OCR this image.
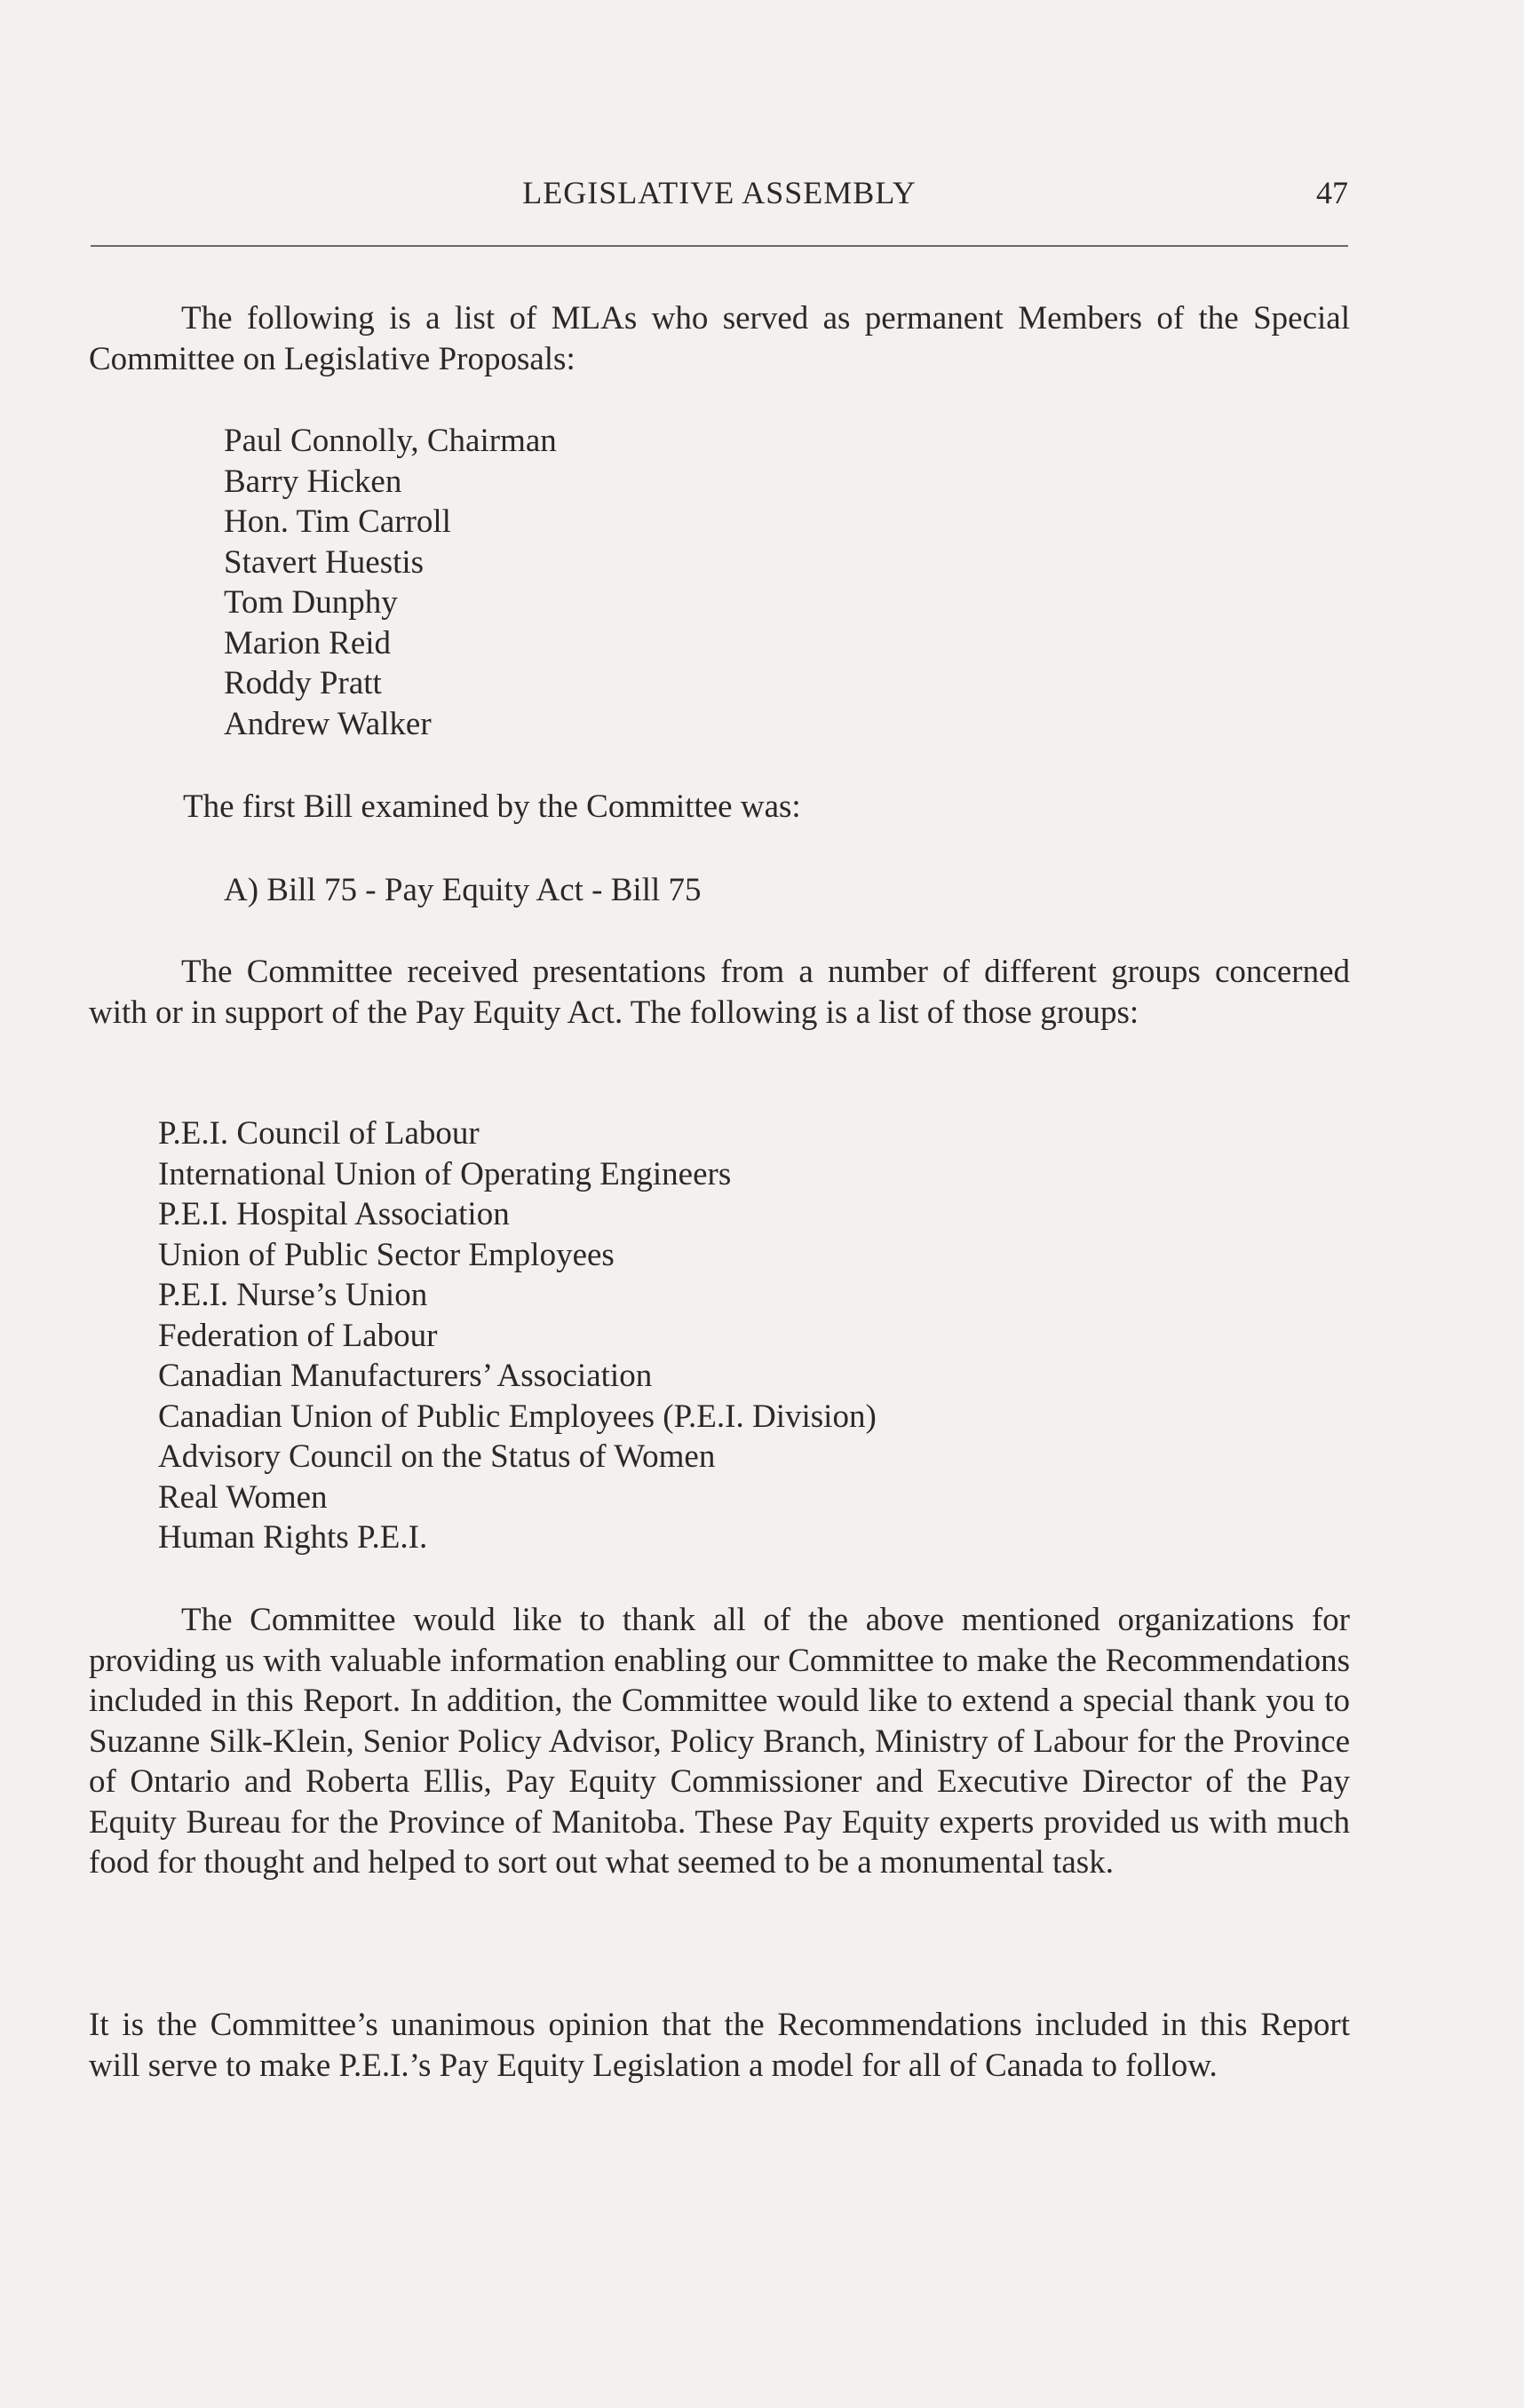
LEGISLATIVE ASSEMBLY	47
The following is a list of MLAs who served as permanent Members of the Special Committee on Legislative Proposals:
Paul Connolly, Chairman
Barry Hicken
Hon. Tim Carroll
Stavert Huestis
Tom Dunphy
Marion Reid
Roddy Pratt
Andrew Walker
The first Bill examined by the Committee was:
A) Bill 75 - Pay Equity Act - Bill 75
The Committee received presentations from a number of different groups concerned with or in support of the Pay Equity Act. The following is a list of those groups:
P.E.I. Council of Labour
International Union of Operating Engineers
P.E.I. Hospital Association
Union of Public Sector Employees
P.E.I. Nurse’s Union
Federation of Labour
Canadian Manufacturers’ Association
Canadian Union of Public Employees (P.E.I. Division)
Advisory Council on the Status of Women
Real Women
Human Rights P.E.I.
The Committee would like to thank all of the above mentioned organizations for providing us with valuable information enabling our Committee to make the Recommendations included in this Report. In addition, the Committee would like to extend a special thank you to Suzanne Silk-Klein, Senior Policy Advisor, Policy Branch, Ministry of Labour for the Province of Ontario and Roberta Ellis, Pay Equity Commissioner and Executive Director of the Pay Equity Bureau for the Province of Manitoba. These Pay Equity experts provided us with much food for thought and helped to sort out what seemed to be a monumental task.
It is the Committee’s unanimous opinion that the Recommendations included in this Report will serve to make P.E.I.’s Pay Equity Legislation a model for all of Canada to follow.
